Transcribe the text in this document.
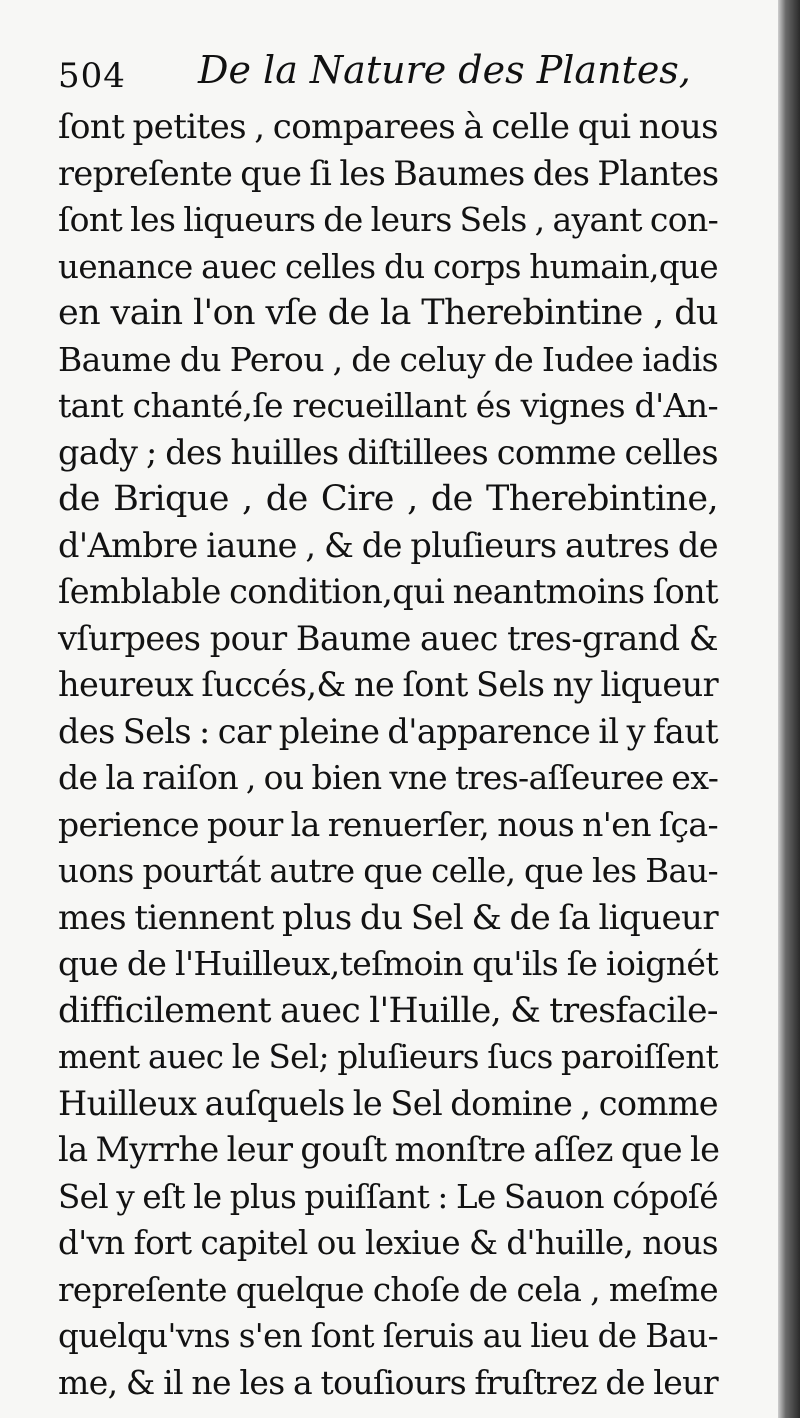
504 De la Nature des Plantes,
ſont petites , comparees à celle qui nous
repreſente que ſi les Baumes des Plantes
ſont les liqueurs de leurs Sels , ayant con-
uenance auec celles du corps humain,que
en vain l'on vſe de la Therebintine , du
Baume du Perou , de celuy de Iudee iadis
tant chanté,ſe recueillant és vignes d'An-
gady ; des huilles diſtillees comme celles
de Brique , de Cire , de Therebintine,
d'Ambre iaune , & de pluſieurs autres de
ſemblable condition,qui neantmoins ſont
vſurpees pour Baume auec tres-grand &
heureux ſuccés,& ne ſont Sels ny liqueur
des Sels : car pleine d'apparence il y faut
de la raiſon , ou bien vne tres-aſſeuree ex-
perience pour la renuerſer, nous n'en ſça-
uons pourtát autre que celle, que les Bau-
mes tiennent plus du Sel & de ſa liqueur
que de l'Huilleux,teſmoin qu'ils ſe ioignét
difficilement auec l'Huille, & tresfacile-
ment auec le Sel; pluſieurs ſucs paroiſſent
Huilleux auſquels le Sel domine , comme
la Myrrhe leur gouſt monſtre aſſez que le
Sel y eſt le plus puiſſant : Le Sauon cópoſé
d'vn fort capitel ou lexiue & d'huille, nous
repreſente quelque choſe de cela , meſme
quelqu'vns s'en ſont ſeruis au lieu de Bau-
me, & il ne les a touſiours fruſtrez de leur
